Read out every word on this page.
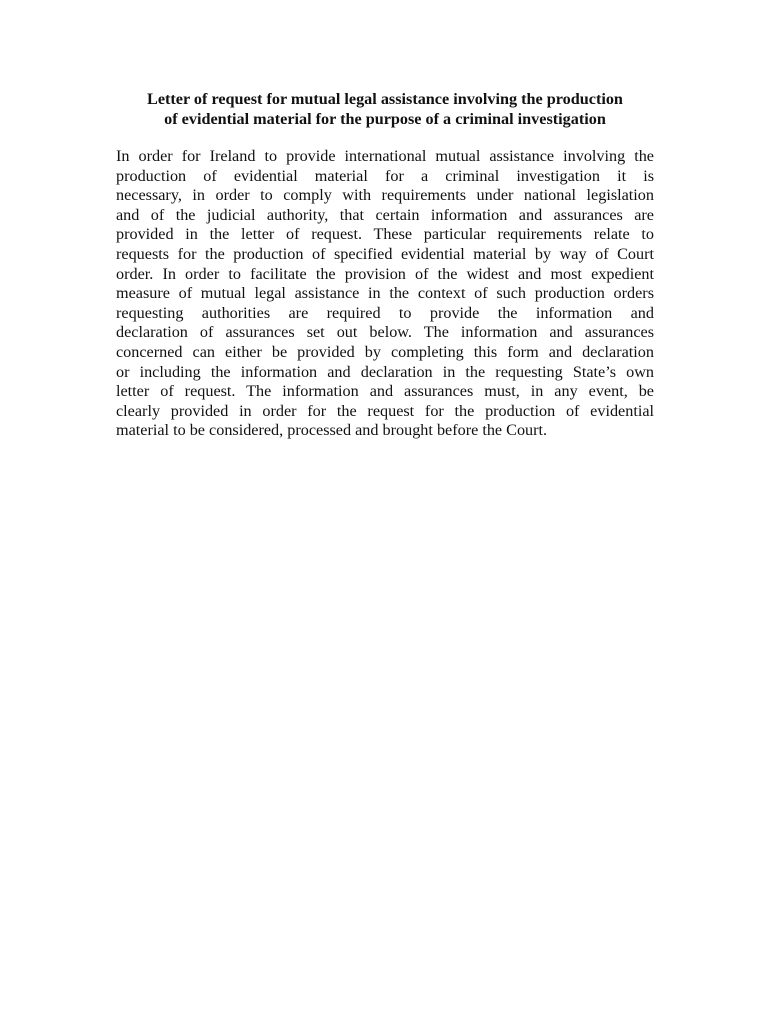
Letter of request for mutual legal assistance involving the production
of evidential material for the purpose of a criminal investigation

In order for Ireland to provide international mutual assistance involving the
production of evidential material for a criminal investigation it is
necessary, in order to comply with requirements under national legislation
and of the judicial authority, that certain information and assurances are
provided in the letter of request. These particular requirements relate to
requests for the production of specified evidential material by way of Court
order. In order to facilitate the provision of the widest and most expedient
measure of mutual legal assistance in the context of such production orders
requesting authorities are required to provide the information and
declaration of assurances set out below. The information and assurances
concerned can either be provided by completing this form and declaration
or including the information and declaration in the requesting State’s own
letter of request. The information and assurances must, in any event, be
clearly provided in order for the request for the production of evidential
material to be considered, processed and brought before the Court.
